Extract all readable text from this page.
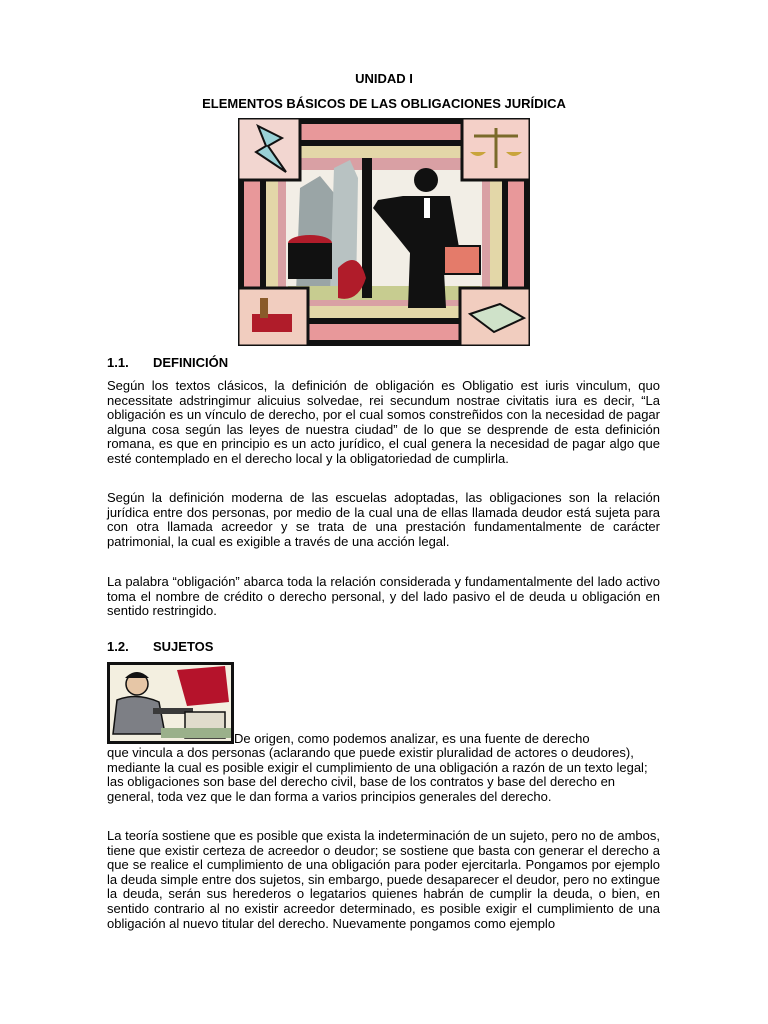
UNIDAD I
ELEMENTOS BÁSICOS DE LAS OBLIGACIONES JURÍDICA
1.1. DEFINICIÓN
Según los textos clásicos, la definición de obligación es Obligatio est iuris vinculum, quo necessitate adstringimur alicuius solvedae, rei secundum nostrae civitatis iura es decir, “La obligación es un vínculo de derecho, por el cual somos constreñidos con la necesidad de pagar alguna cosa según las leyes de nuestra ciudad” de lo que se desprende de esta definición romana, es que en principio es un acto jurídico, el cual genera la necesidad de pagar algo que esté contemplado en el derecho local y la obligatoriedad de cumplirla.
Según la definición moderna de las escuelas adoptadas, las obligaciones son la relación jurídica entre dos personas, por medio de la cual una de ellas llamada deudor está sujeta para con otra llamada acreedor y se trata de una prestación fundamentalmente de carácter patrimonial, la cual es exigible a través de una acción legal.
La palabra “obligación” abarca toda la relación considerada y fundamentalmente del lado activo toma el nombre de crédito o derecho personal, y del lado pasivo el de deuda u obligación en sentido restringido.
1.2. SUJETOS
De origen, como podemos analizar, es una fuente de derecho
que vincula a dos personas (aclarando que puede existir pluralidad de actores o deudores), mediante la cual es posible exigir el cumplimiento de una obligación a razón de un texto legal; las obligaciones son base del derecho civil, base de los contratos y base del derecho en general, toda vez que le dan forma a varios principios generales del derecho.
La teoría sostiene que es posible que exista la indeterminación de un sujeto, pero no de ambos, tiene que existir certeza de acreedor o deudor; se sostiene que basta con generar el derecho a que se realice el cumplimiento de una obligación para poder ejercitarla. Pongamos por ejemplo la deuda simple entre dos sujetos, sin embargo, puede desaparecer el deudor, pero no extingue la deuda, serán sus herederos o legatarios quienes habrán de cumplir la deuda, o bien, en sentido contrario al no existir acreedor determinado, es posible exigir el cumplimiento de una obligación al nuevo titular del derecho. Nuevamente pongamos como ejemplo
